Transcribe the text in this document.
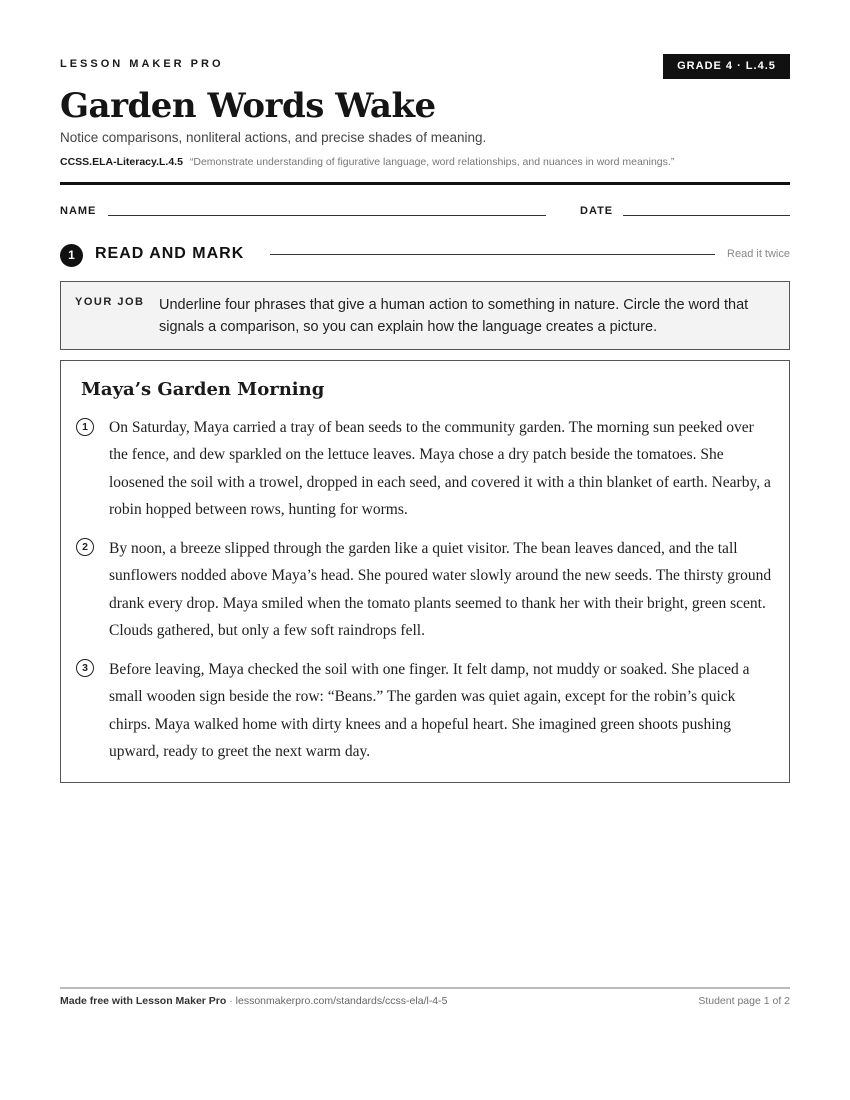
LESSON MAKER PRO	GRADE 4 · L.4.5
Garden Words Wake
Notice comparisons, nonliteral actions, and precise shades of meaning.
CCSS.ELA-Literacy.L.4.5 “Demonstrate understanding of figurative language, word relationships, and nuances in word meanings.”
NAME	DATE
1	READ AND MARK	Read it twice
YOUR JOB Underline four phrases that give a human action to something in nature. Circle the word that signals a comparison, so you can explain how the language creates a picture.
Maya’s Garden Morning
1	On Saturday, Maya carried a tray of bean seeds to the community garden. The morning sun peeked over the fence, and dew sparkled on the lettuce leaves. Maya chose a dry patch beside the tomatoes. She loosened the soil with a trowel, dropped in each seed, and covered it with a thin blanket of earth. Nearby, a robin hopped between rows, hunting for worms.
2	By noon, a breeze slipped through the garden like a quiet visitor. The bean leaves danced, and the tall sunflowers nodded above Maya’s head. She poured water slowly around the new seeds. The thirsty ground drank every drop. Maya smiled when the tomato plants seemed to thank her with their bright, green scent. Clouds gathered, but only a few soft raindrops fell.
3	Before leaving, Maya checked the soil with one finger. It felt damp, not muddy or soaked. She placed a small wooden sign beside the row: “Beans.” The garden was quiet again, except for the robin’s quick chirps. Maya walked home with dirty knees and a hopeful heart. She imagined green shoots pushing upward, ready to greet the next warm day.
Made free with Lesson Maker Pro · lessonmakerpro.com/standards/ccss-ela/l-4-5	Student page 1 of 2
